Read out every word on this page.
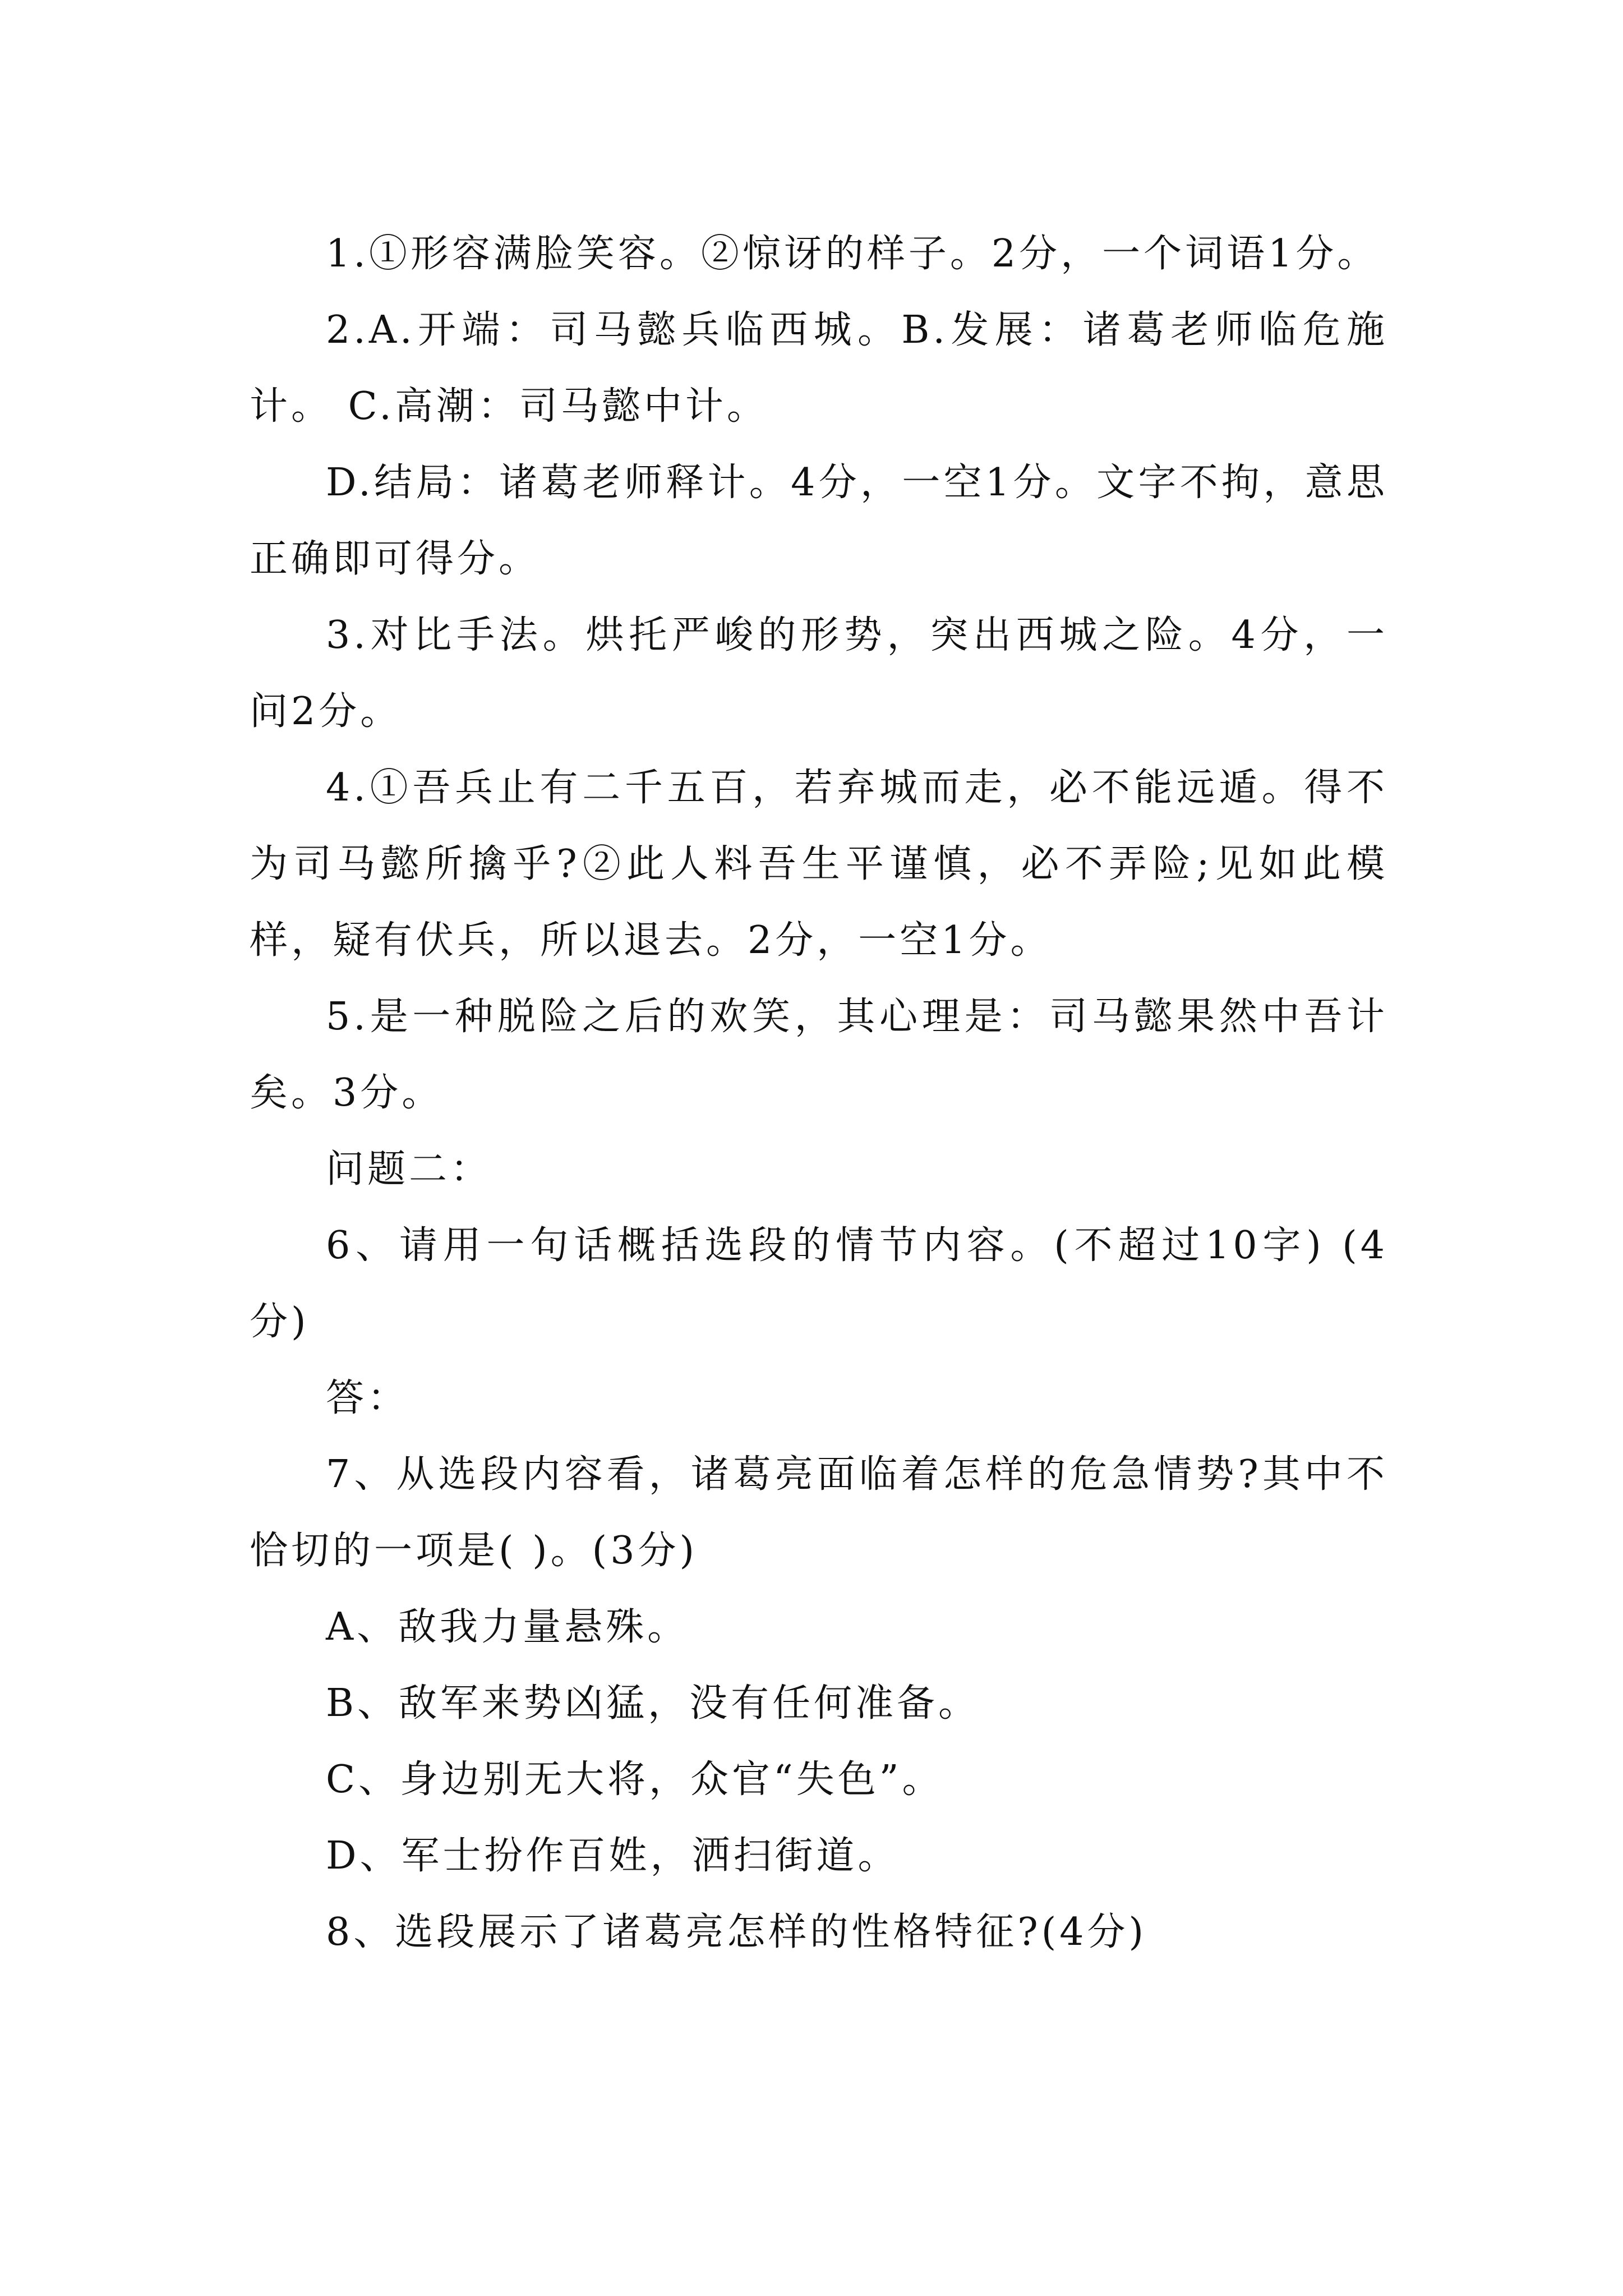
1.①形容满脸笑容。②惊讶的样子。2分，一个词语1分。

2.A.开端：司马懿兵临西城。B.发展：诸葛老师临危施计。 C.高潮：司马懿中计。

D.结局：诸葛老师释计。4分，一空1分。文字不拘，意思正确即可得分。

3.对比手法。烘托严峻的形势，突出西城之险。4分，一问2分。

4.①吾兵止有二千五百，若弃城而走，必不能远遁。得不为司马懿所擒乎?②此人料吾生平谨慎，必不弄险;见如此模样，疑有伏兵，所以退去。2分，一空1分。

5.是一种脱险之后的欢笑，其心理是：司马懿果然中吾计矣。3分。

问题二：

6、请用一句话概括选段的情节内容。(不超过10字) (4分)

答：

7、从选段内容看，诸葛亮面临着怎样的危急情势?其中不恰切的一项是( )。(3分)

A、敌我力量悬殊。

B、敌军来势凶猛，没有任何准备。

C、身边别无大将，众官“失色”。

D、军士扮作百姓，洒扫街道。

8、选段展示了诸葛亮怎样的性格特征?(4分)
